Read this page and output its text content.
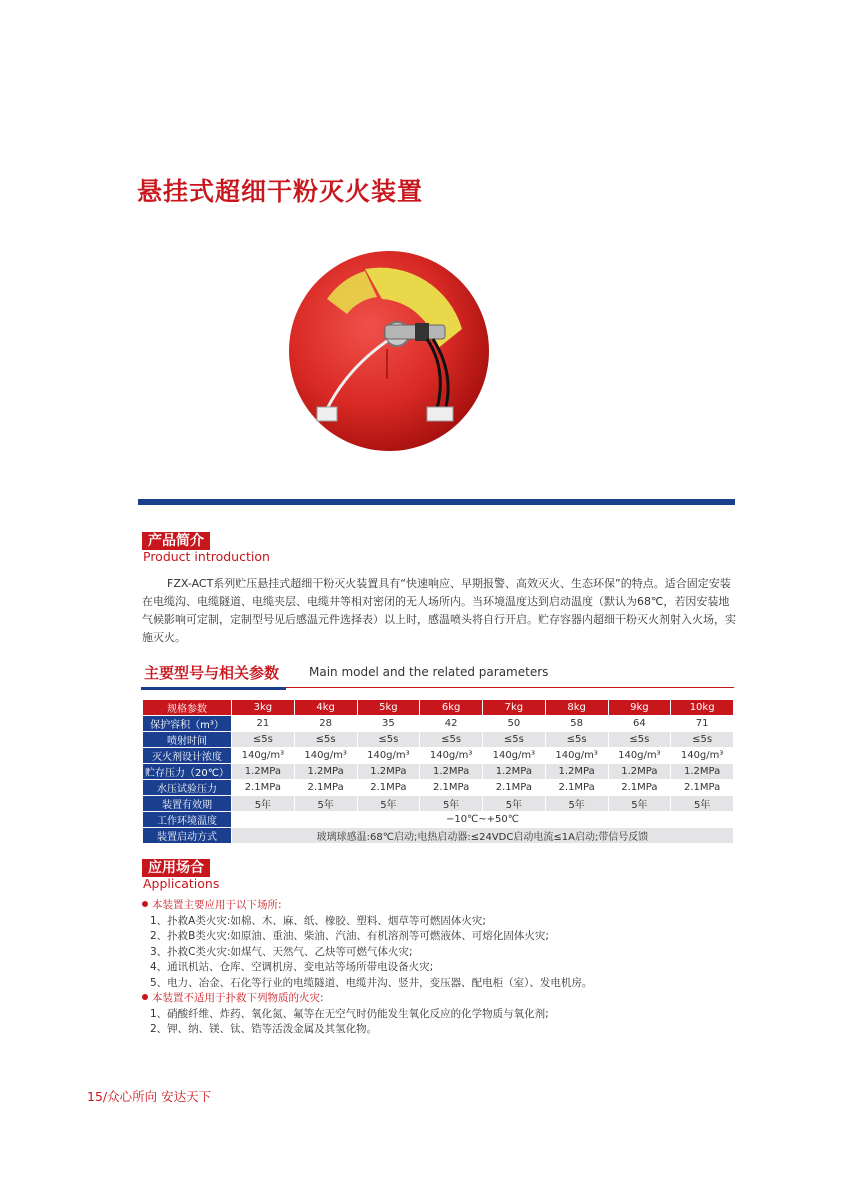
悬挂式超细干粉灭火装置
产品简介
Product introduction
FZX-ACT系列贮压悬挂式超细干粉灭火装置具有“快速响应、早期报警、高效灭火、生态环保”的特点。适合固定安装在电缆沟、电缆隧道、电缆夹层、电缆井等相对密闭的无人场所内。当环境温度达到启动温度（默认为68℃，若因安装地气候影响可定制，定制型号见后感温元件选择表）以上时，感温喷头将自行开启。贮存容器内超细干粉灭火剂射入火场，实施灭火。
主要型号与相关参数 Main model and the related parameters
规格参数	3kg	4kg	5kg	6kg	7kg	8kg	9kg	10kg
保护容积（m³）	21	28	35	42	50	58	64	71
喷射时间	≤5s	≤5s	≤5s	≤5s	≤5s	≤5s	≤5s	≤5s
灭火剂设计浓度	140g/m³	140g/m³	140g/m³	140g/m³	140g/m³	140g/m³	140g/m³	140g/m³
贮存压力（20℃）	1.2MPa	1.2MPa	1.2MPa	1.2MPa	1.2MPa	1.2MPa	1.2MPa	1.2MPa
水压试验压力	2.1MPa	2.1MPa	2.1MPa	2.1MPa	2.1MPa	2.1MPa	2.1MPa	2.1MPa
装置有效期	5年	5年	5年	5年	5年	5年	5年	5年
工作环境温度	−10℃~+50℃							
装置启动方式	玻璃球感温:68℃启动;电热启动器:≤24VDC启动电流≤1A启动;带信号反馈							
应用场合
Applications
本装置主要应用于以下场所:
1、扑救A类火灾:如棉、木、麻、纸、橡胶、塑料、烟草等可燃固体火灾;
2、扑救B类火灾:如原油、重油、柴油、汽油、有机溶剂等可燃液体、可熔化固体火灾;
3、扑救C类火灾:如煤气、天然气、乙炔等可燃气体火灾;
4、通讯机站、仓库、空调机房、变电站等场所带电设备火灾;
5、电力、冶金、石化等行业的电缆隧道、电缆井沟、竖井，变压器、配电柜（室）、发电机房。
本装置不适用于扑救下列物质的火灾:
1、硝酸纤维、炸药、氧化氮、氟等在无空气时仍能发生氧化反应的化学物质与氧化剂;
2、钾、纳、镁、钛、锆等活泼金属及其氢化物。
15/众心所向 安达天下
